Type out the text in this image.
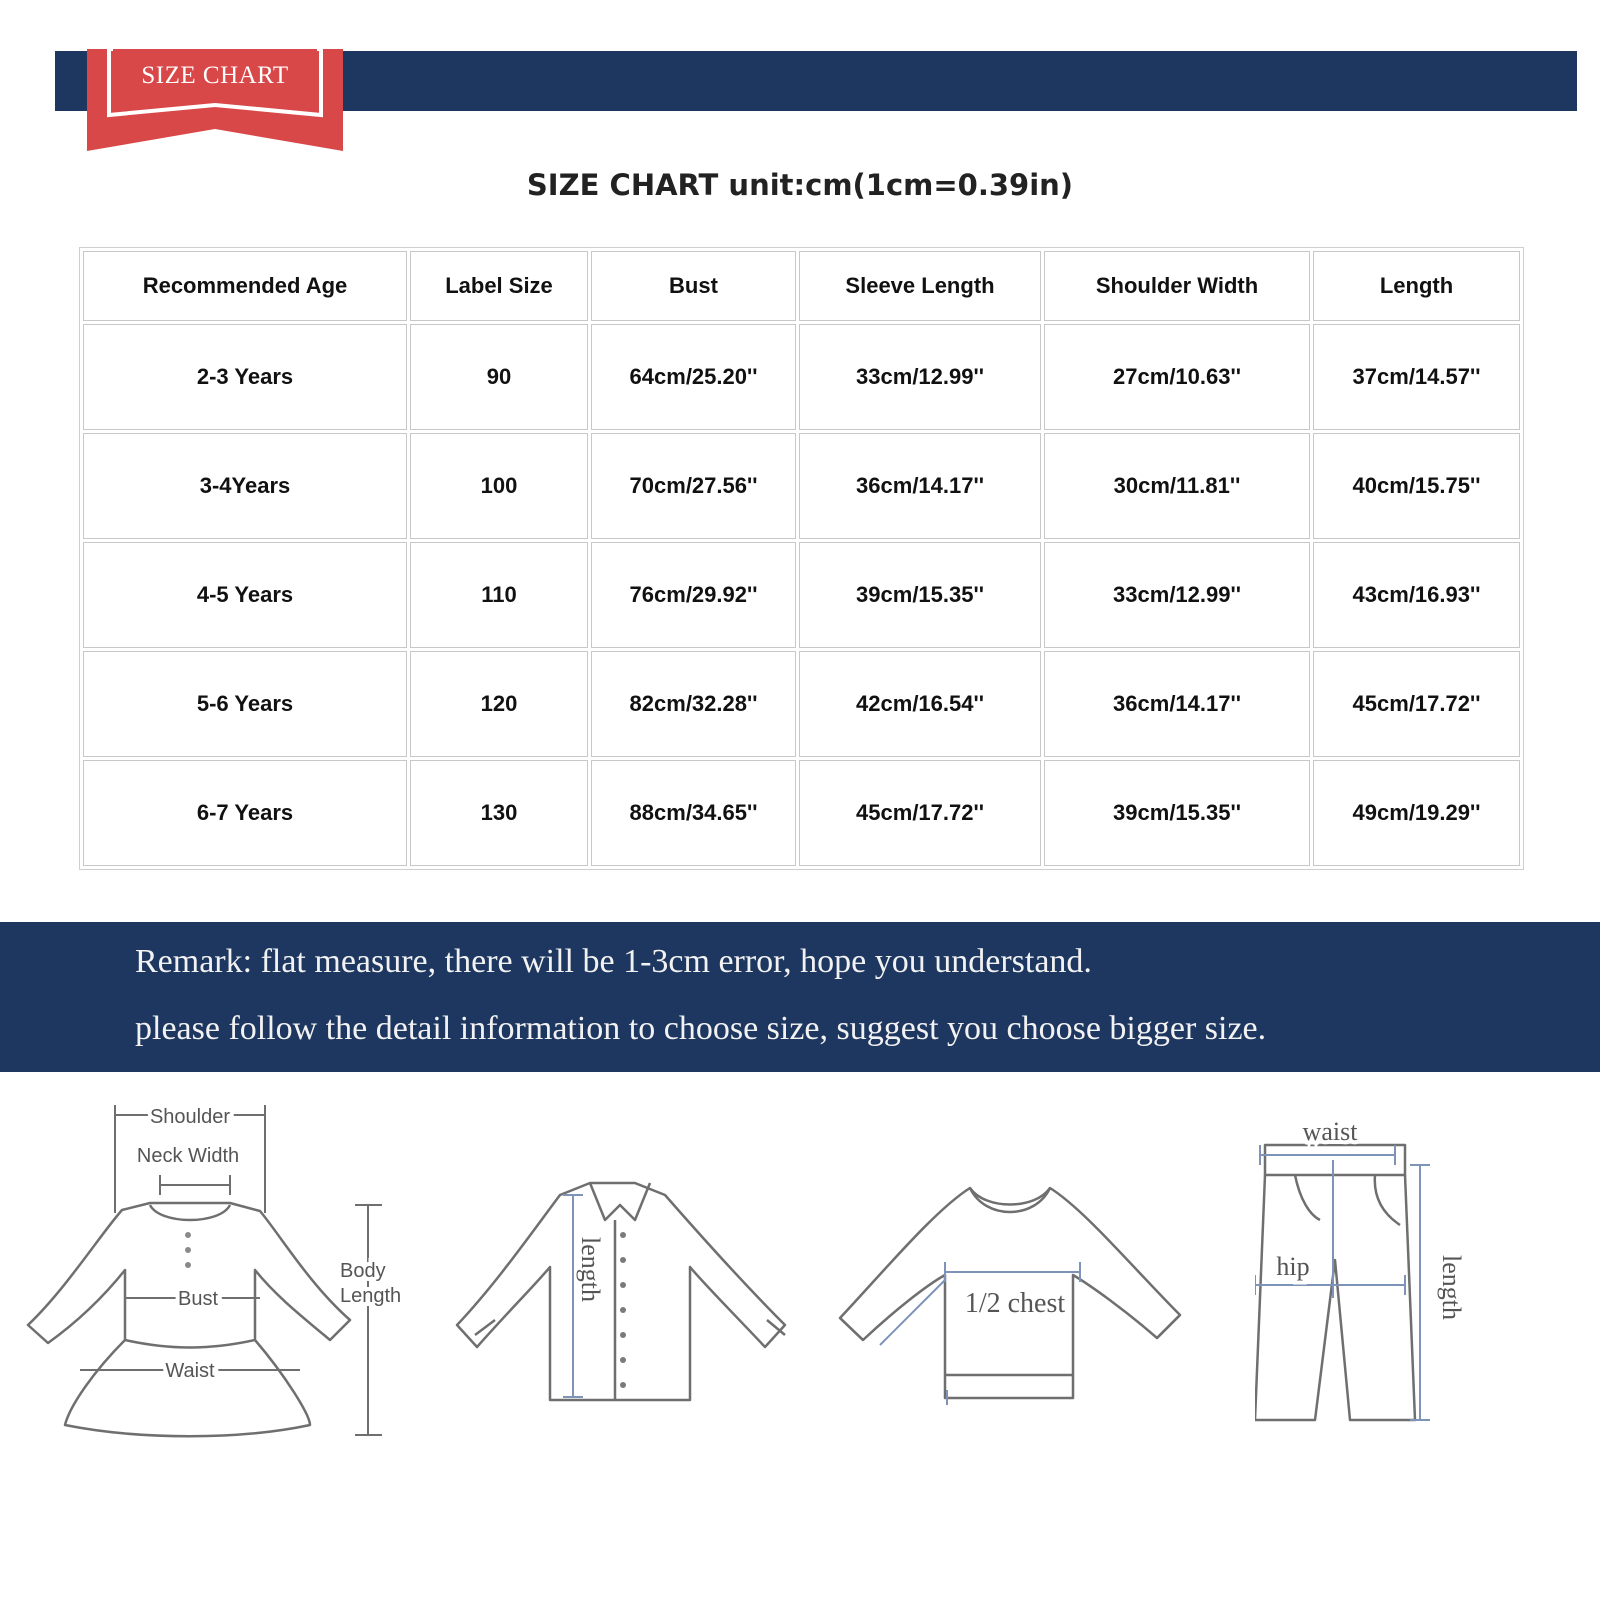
SIZE CHART
SIZE CHART unit:cm(1cm=0.39in)
Recommended Age	Label Size	Bust	Sleeve Length	Shoulder Width	Length
2-3 Years	90	64cm/25.20''	33cm/12.99''	27cm/10.63''	37cm/14.57''
3-4Years	100	70cm/27.56''	36cm/14.17''	30cm/11.81''	40cm/15.75''
4-5 Years	110	76cm/29.92''	39cm/15.35''	33cm/12.99''	43cm/16.93''
5-6 Years	120	82cm/32.28''	42cm/16.54''	36cm/14.17''	45cm/17.72''
6-7 Years	130	88cm/34.65''	45cm/17.72''	39cm/15.35''	49cm/19.29''
Remark: flat measure, there will be 1-3cm error, hope you understand.
please follow the detail information to choose size, suggest you choose bigger size.
Shoulder
Neck Width
Bust
Waist
Body
Length	length
1/2 chest
waist
hip	length
